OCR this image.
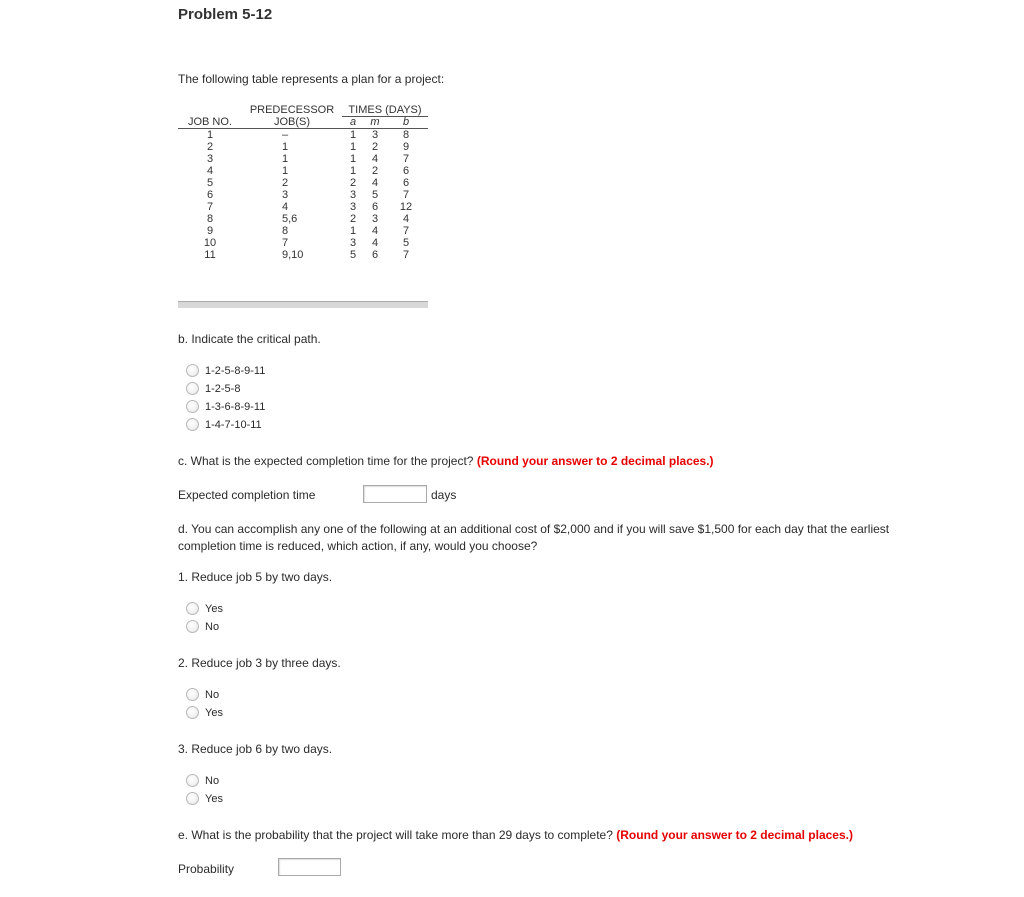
Problem 5-12
The following table represents a plan for a project:
PREDECESSOR	TIMES (DAYS)
JOB NO.	JOB(S)	a	m	b
1	–	1	3	8
2	1	1	2	9
3	1	1	4	7
4	1	1	2	6
5	2	2	4	6
6	3	3	5	7
7	4	3	6	12
8	5,6	2	3	4
9	8	1	4	7
10	7	3	4	5
11	9,10	5	6	7
b. Indicate the critical path.
1-2-5-8-9-11
1-2-5-8
1-3-6-8-9-11
1-4-7-10-11
c. What is the expected completion time for the project? (Round your answer to 2 decimal places.)
Expected completion time	days
d. You can accomplish any one of the following at an additional cost of $2,000 and if you will save $1,500 for each day that the earliest
completion time is reduced, which action, if any, would you choose?
1. Reduce job 5 by two days.
Yes
No
2. Reduce job 3 by three days.
No
Yes
3. Reduce job 6 by two days.
No
Yes
e. What is the probability that the project will take more than 29 days to complete? (Round your answer to 2 decimal places.)
Probability
